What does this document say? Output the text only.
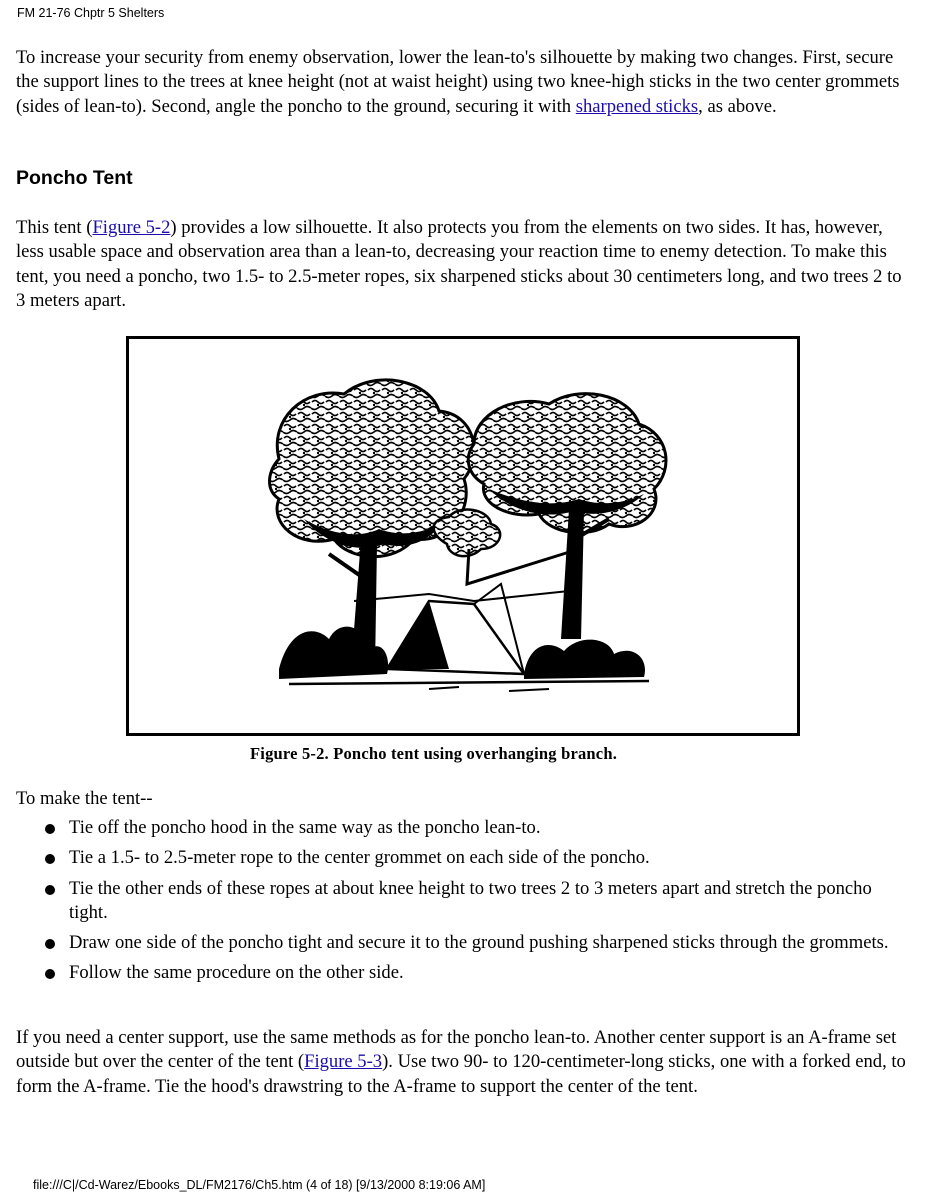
FM 21-76 Chptr 5 Shelters

To increase your security from enemy observation, lower the lean-to's silhouette by making two changes. First, secure the support lines to the trees at knee height (not at waist height) using two knee-high sticks in the two center grommets (sides of lean-to). Second, angle the poncho to the ground, securing it with sharpened sticks, as above.

Poncho Tent

This tent (Figure 5-2) provides a low silhouette. It also protects you from the elements on two sides. It has, however, less usable space and observation area than a lean-to, decreasing your reaction time to enemy detection. To make this tent, you need a poncho, two 1.5- to 2.5-meter ropes, six sharpened sticks about 30 centimeters long, and two trees 2 to 3 meters apart.

Figure 5-2. Poncho tent using overhanging branch.

To make the tent--

Tie off the poncho hood in the same way as the poncho lean-to.
Tie a 1.5- to 2.5-meter rope to the center grommet on each side of the poncho.
Tie the other ends of these ropes at about knee height to two trees 2 to 3 meters apart and stretch the poncho tight.
Draw one side of the poncho tight and secure it to the ground pushing sharpened sticks through the grommets.
Follow the same procedure on the other side.

If you need a center support, use the same methods as for the poncho lean-to. Another center support is an A-frame set outside but over the center of the tent (Figure 5-3). Use two 90- to 120-centimeter-long sticks, one with a forked end, to form the A-frame. Tie the hood's drawstring to the A-frame to support the center of the tent.

file:///C|/Cd-Warez/Ebooks_DL/FM2176/Ch5.htm (4 of 18) [9/13/2000 8:19:06 AM]
